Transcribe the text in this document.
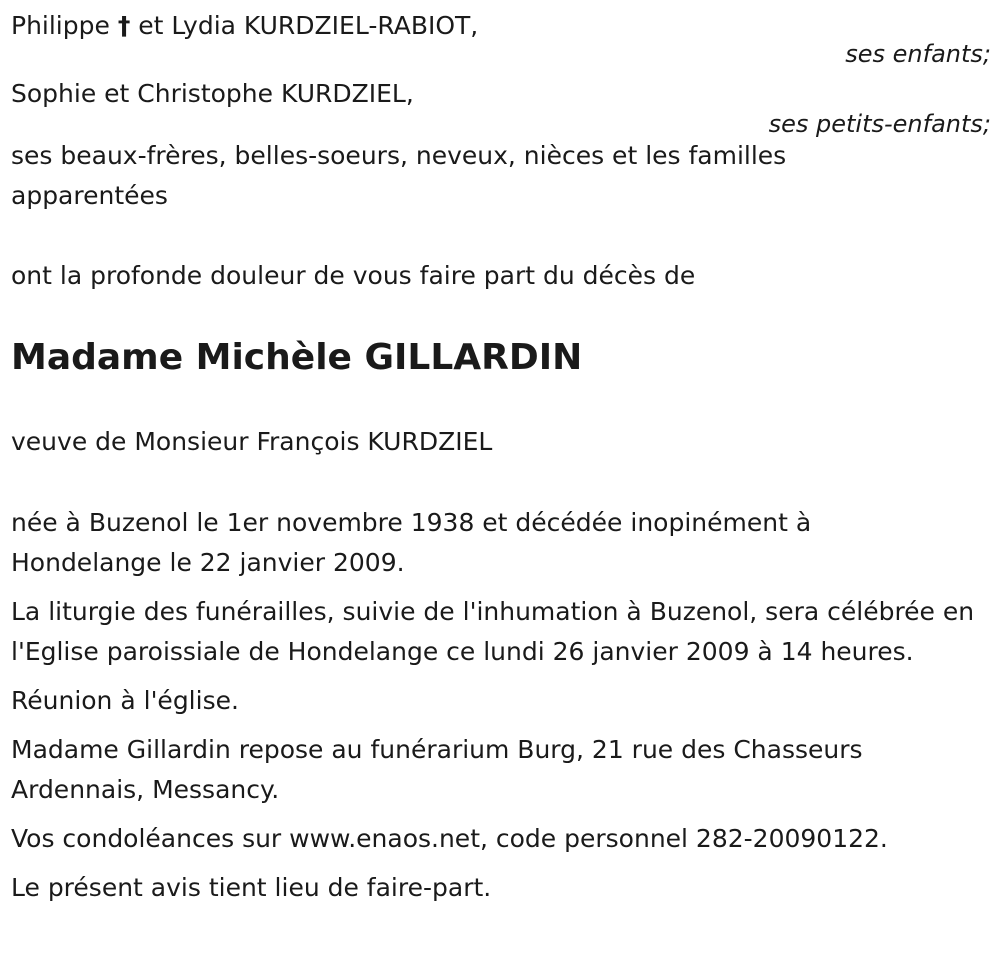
Philippe † et Lydia KURDZIEL-RABIOT,

ses enfants;

Sophie et Christophe KURDZIEL,

ses petits-enfants;

ses beaux-frères, belles-soeurs, neveux, nièces et les familles apparentées

ont la profonde douleur de vous faire part du décès de

Madame Michèle GILLARDIN

veuve de Monsieur François KURDZIEL

née à Buzenol le 1er novembre 1938 et décédée inopinément à Hondelange le 22 janvier 2009.

La liturgie des funérailles, suivie de l'inhumation à Buzenol, sera célébrée en l'Eglise paroissiale de Hondelange ce lundi 26 janvier 2009 à 14 heures.

Réunion à l'église.

Madame Gillardin repose au funérarium Burg, 21 rue des Chasseurs Ardennais, Messancy.

Vos condoléances sur www.enaos.net, code personnel 282-20090122.

Le présent avis tient lieu de faire-part.
